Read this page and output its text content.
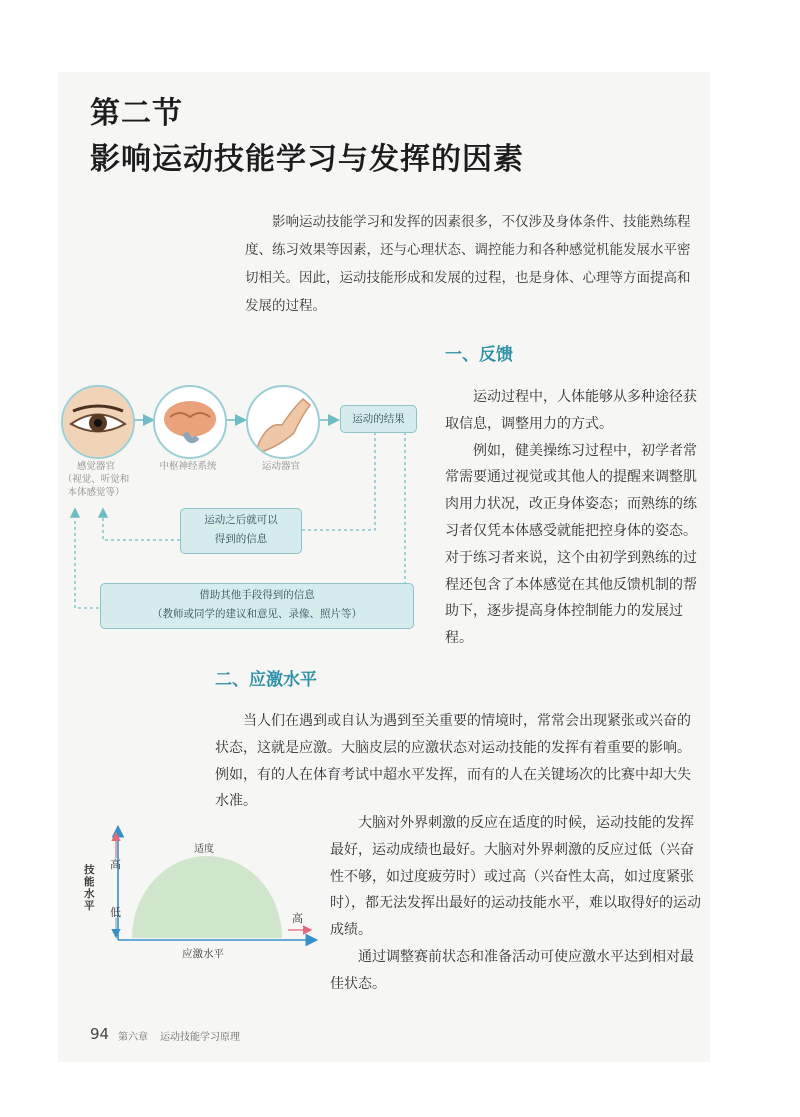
第二节
影响运动技能学习与发挥的因素
影响运动技能学习和发挥的因素很多，不仅涉及身体条件、技能熟练程度、练习效果等因素，还与心理状态、调控能力和各种感觉机能发展水平密切相关。因此，运动技能形成和发展的过程，也是身体、心理等方面提高和发展的过程。
一、反馈
感觉器官
（视觉、听觉和
本体感觉等）
中枢神经系统	运动器官
运动的结果
运动之后就可以
得到的信息
借助其他手段得到的信息
（教师或同学的建议和意见、录像、照片等）

运动过程中，人体能够从多种途径获取信息，调整用力的方式。

例如，健美操练习过程中，初学者常常需要通过视觉或其他人的提醒来调整肌肉用力状况，改正身体姿态；而熟练的练习者仅凭本体感受就能把控身体的姿态。对于练习者来说，这个由初学到熟练的过程还包含了本体感觉在其他反馈机制的帮助下，逐步提高身体控制能力的发展过程。

二、应激水平

当人们在遇到或自认为遇到至关重要的情境时，常常会出现紧张或兴奋的状态，这就是应激。大脑皮层的应激状态对运动技能的发挥有着重要的影响。例如，有的人在体育考试中超水平发挥，而有的人在关键场次的比赛中却大失水准。

技能水平
适度
高
低	高
应激水平

大脑对外界刺激的反应在适度的时候，运动技能的发挥最好，运动成绩也最好。大脑对外界刺激的反应过低（兴奋性不够，如过度疲劳时）或过高（兴奋性太高，如过度紧张时），都无法发挥出最好的运动技能水平，难以取得好的运动成绩。

通过调整赛前状态和准备活动可使应激水平达到相对最佳状态。

94 第六章 运动技能学习原理
